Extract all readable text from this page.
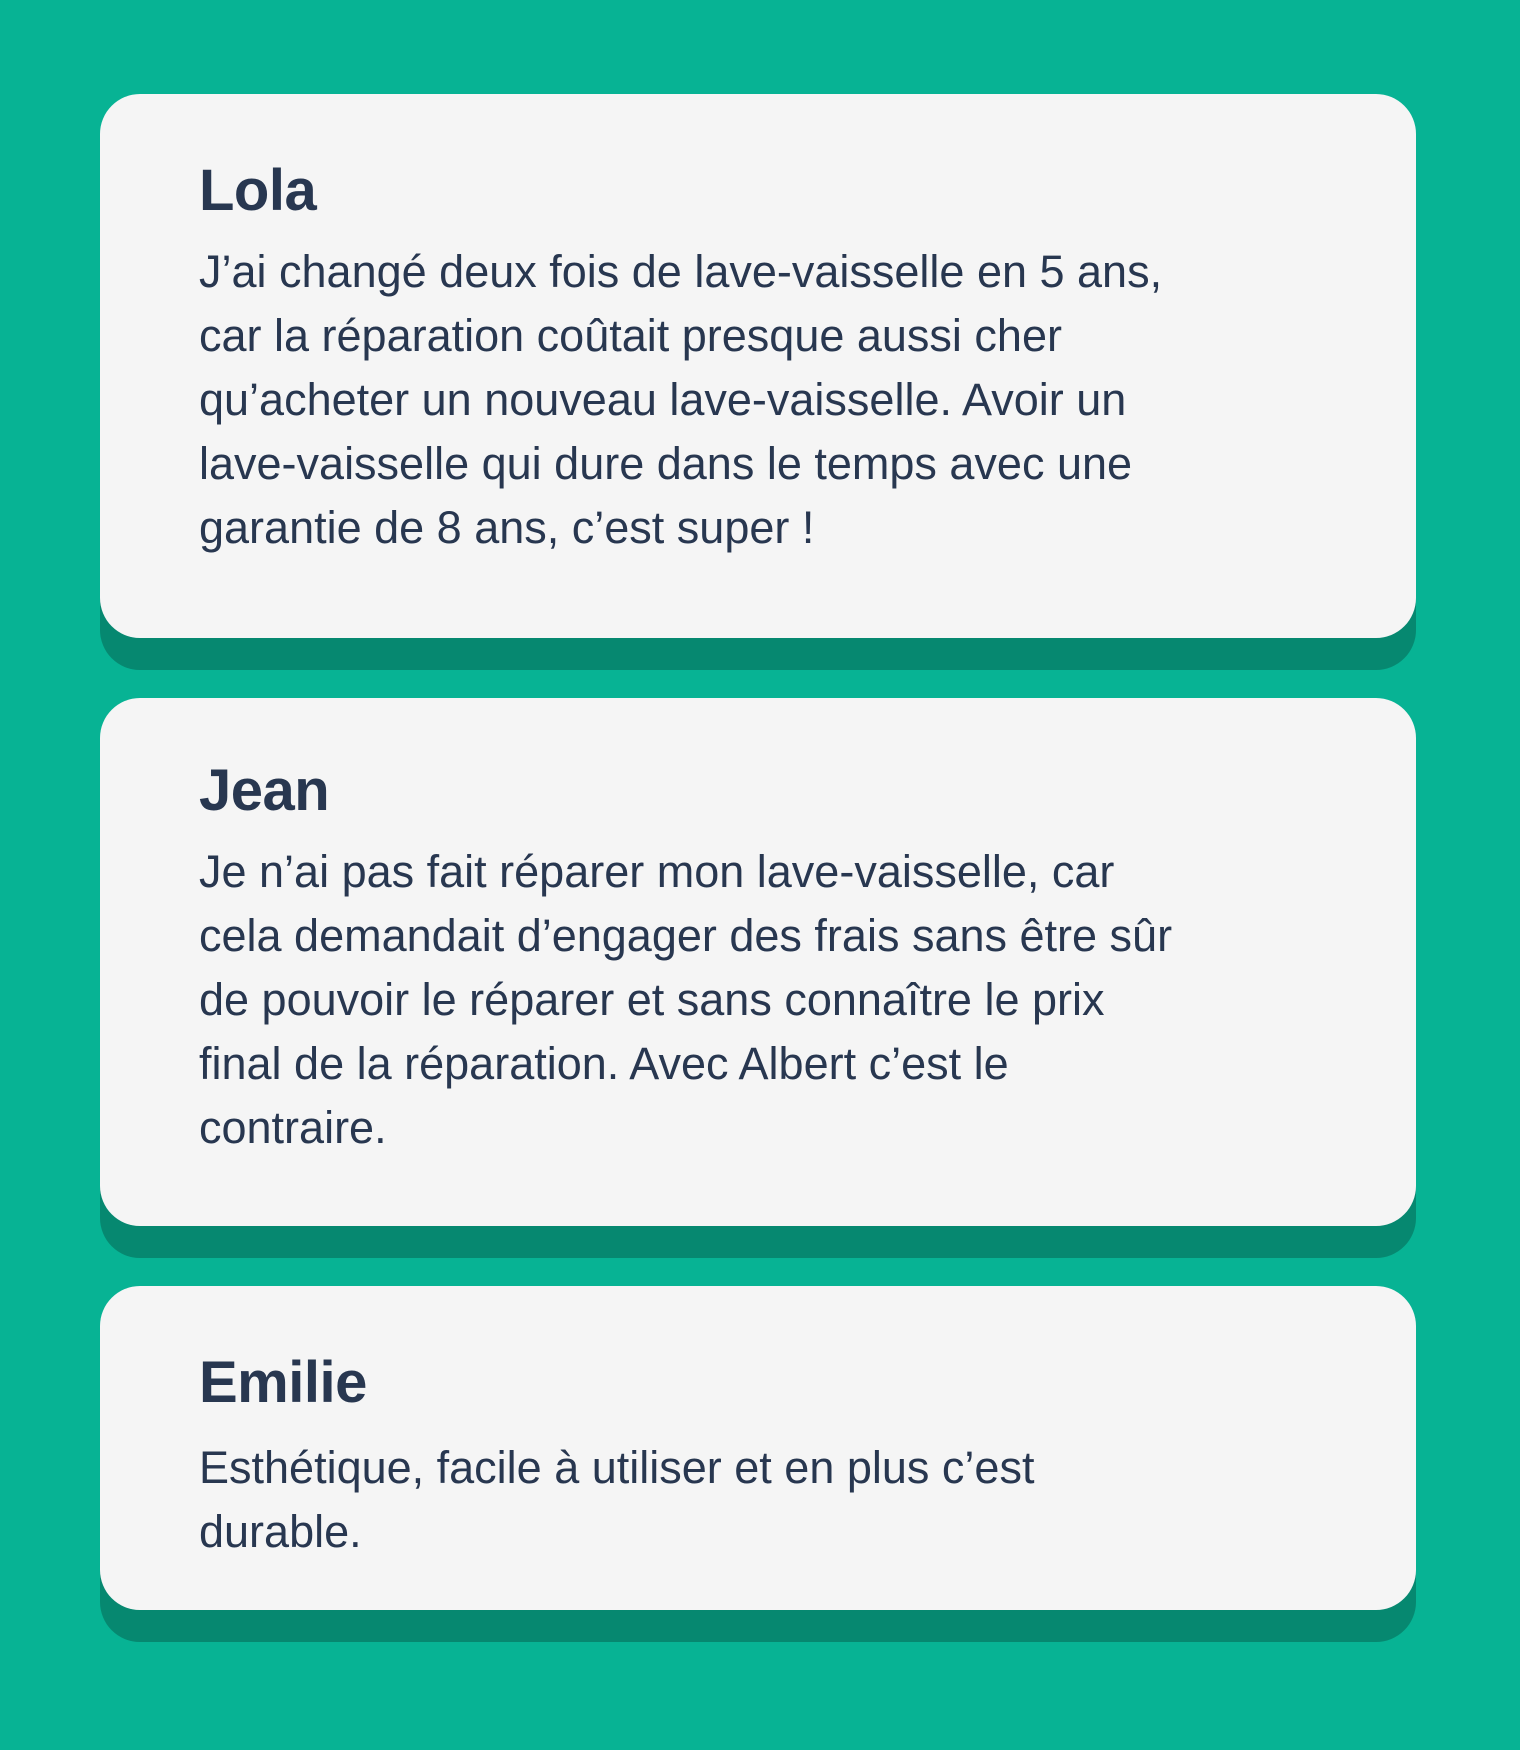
Lola
J’ai changé deux fois de lave-vaisselle en 5 ans,
car la réparation coûtait presque aussi cher
qu’acheter un nouveau lave-vaisselle. Avoir un
lave-vaisselle qui dure dans le temps avec une
garantie de 8 ans, c’est super !
Jean
Je n’ai pas fait réparer mon lave-vaisselle, car
cela demandait d’engager des frais sans être sûr
de pouvoir le réparer et sans connaître le prix
final de la réparation. Avec Albert c’est le
contraire.
Emilie
Esthétique, facile à utiliser et en plus c’est
durable.
